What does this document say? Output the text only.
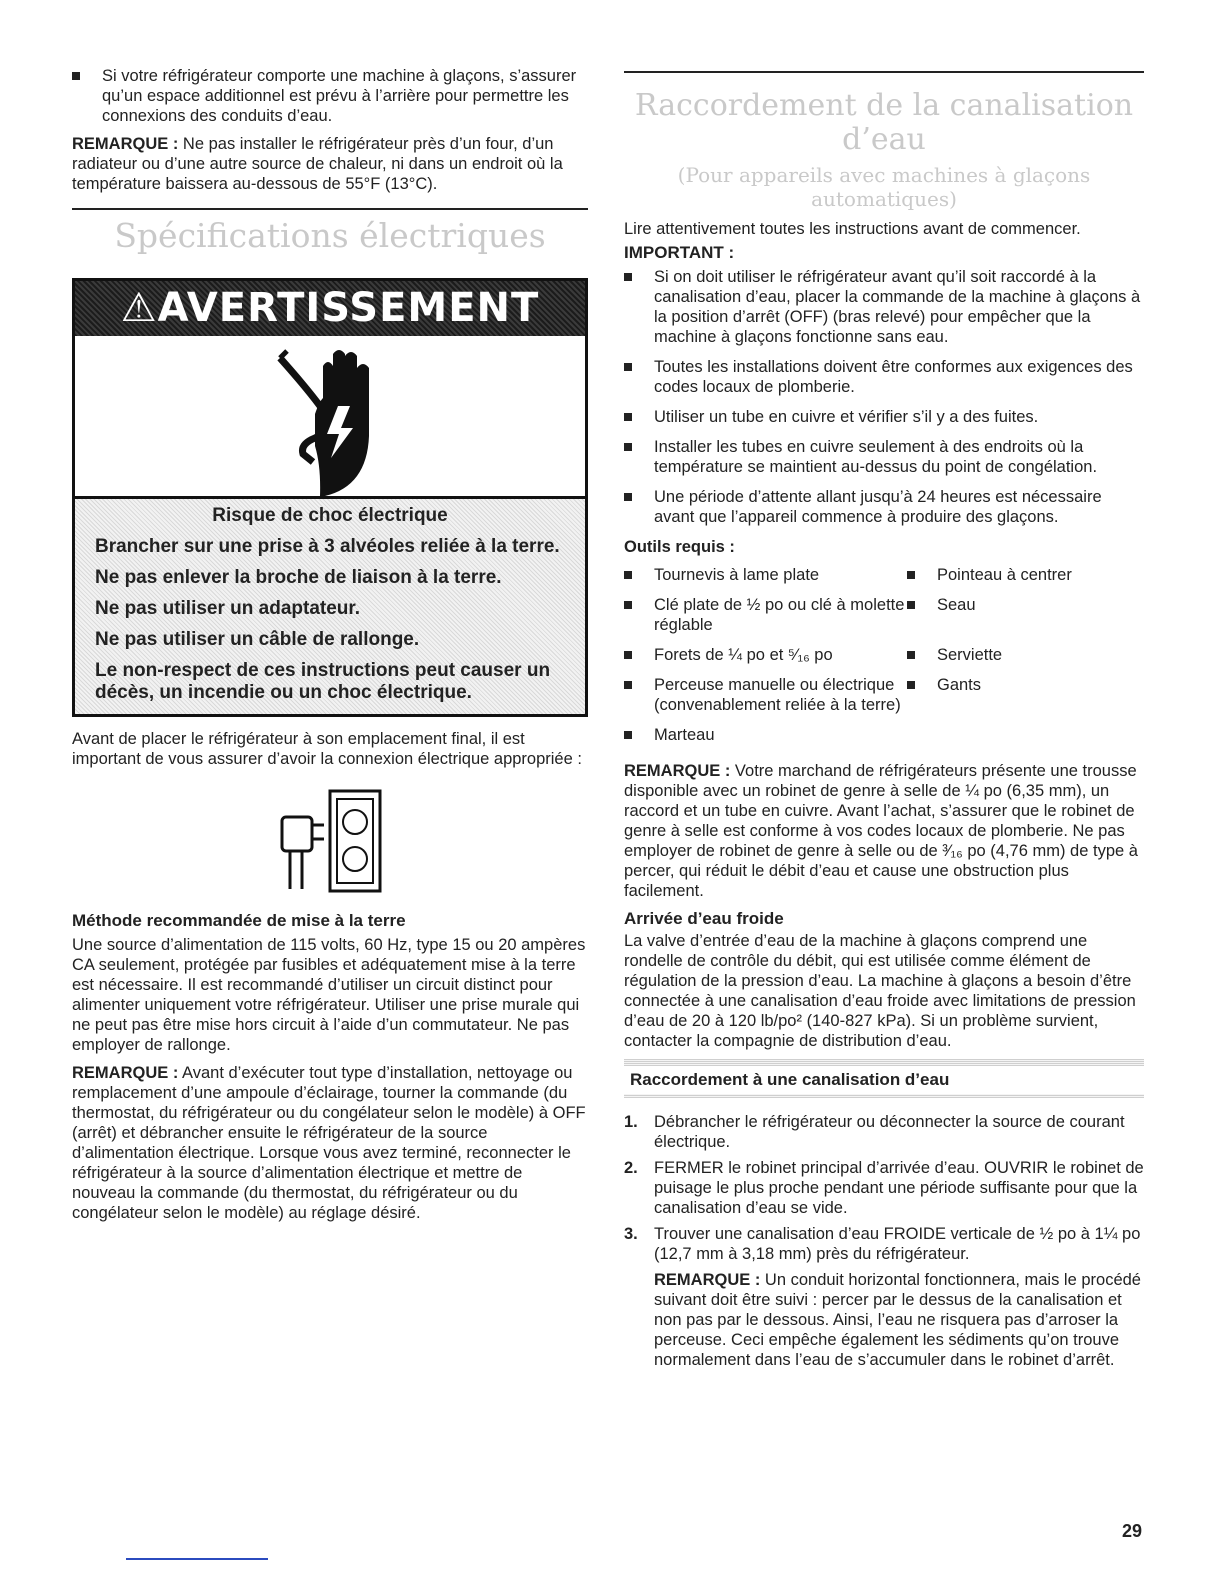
Si votre réfrigérateur comporte une machine à glaçons, s’assurer qu’un espace additionnel est prévu à l’arrière pour permettre les connexions des conduits d’eau.

REMARQUE : Ne pas installer le réfrigérateur près d’un four, d’un radiateur ou d’une autre source de chaleur, ni dans un endroit où la température baissera au-dessous de 55°F (13°C).

Spécifications électriques
⚠AVERTISSEMENT
Risque de choc électrique
Brancher sur une prise à 3 alvéoles reliée à la terre.
Ne pas enlever la broche de liaison à la terre.
Ne pas utiliser un adaptateur.
Ne pas utiliser un câble de rallonge.
Le non-respect de ces instructions peut causer un décès, un incendie ou un choc électrique.

Avant de placer le réfrigérateur à son emplacement final, il est important de vous assurer d’avoir la connexion électrique appropriée :

Méthode recommandée de mise à la terre

Une source d’alimentation de 115 volts, 60 Hz, type 15 ou 20 ampères CA seulement, protégée par fusibles et adéquatement mise à la terre est nécessaire. Il est recommandé d’utiliser un circuit distinct pour alimenter uniquement votre réfrigérateur. Utiliser une prise murale qui ne peut pas être mise hors circuit à l’aide d’un commutateur. Ne pas employer de rallonge.

REMARQUE : Avant d’exécuter tout type d’installation, nettoyage ou remplacement d’une ampoule d’éclairage, tourner la commande (du thermostat, du réfrigérateur ou du congélateur selon le modèle) à OFF (arrêt) et débrancher ensuite le réfrigérateur de la source d’alimentation électrique. Lorsque vous avez terminé, reconnecter le réfrigérateur à la source d’alimentation électrique et mettre de nouveau la commande (du thermostat, du réfrigérateur ou du congélateur selon le modèle) au réglage désiré.

Raccordement de la canalisation d’eau
(Pour appareils avec machines à glaçons automatiques)

Lire attentivement toutes les instructions avant de commencer.

IMPORTANT :
Si on doit utiliser le réfrigérateur avant qu’il soit raccordé à la canalisation d’eau, placer la commande de la machine à glaçons à la position d’arrêt (OFF) (bras relevé) pour empêcher que la machine à glaçons fonctionne sans eau.
Toutes les installations doivent être conformes aux exigences des codes locaux de plomberie.
Utiliser un tube en cuivre et vérifier s’il y a des fuites.
Installer les tubes en cuivre seulement à des endroits où la température se maintient au-dessus du point de congélation.
Une période d’attente allant jusqu’à 24 heures est nécessaire avant que l’appareil commence à produire des glaçons.
Outils requis :
Tournevis à lame plate
Clé plate de ½ po ou clé à molette réglable
Forets de ¼ po et ⁵⁄₁₆ po
Perceuse manuelle ou électrique (convenablement reliée à la terre)
Marteau
Pointeau à centrer
Seau
Serviette
Gants

REMARQUE : Votre marchand de réfrigérateurs présente une trousse disponible avec un robinet de genre à selle de ¼ po (6,35 mm), un raccord et un tube en cuivre. Avant l’achat, s’assurer que le robinet de genre à selle est conforme à vos codes locaux de plomberie. Ne pas employer de robinet de genre à selle ou de ³⁄₁₆ po (4,76 mm) de type à percer, qui réduit le débit d’eau et cause une obstruction plus facilement.

Arrivée d’eau froide

La valve d’entrée d’eau de la machine à glaçons comprend une rondelle de contrôle du débit, qui est utilisée comme élément de régulation de la pression d’eau. La machine à glaçons a besoin d’être connectée à une canalisation d’eau froide avec limitations de pression d’eau de 20 à 120 lb/po² (140-827 kPa). Si un problème survient, contacter la compagnie de distribution d’eau.

Raccordement à une canalisation d’eau
1. Débrancher le réfrigérateur ou déconnecter la source de courant électrique.
2. FERMER le robinet principal d’arrivée d’eau. OUVRIR le robinet de puisage le plus proche pendant une période suffisante pour que la canalisation d’eau se vide.
3. Trouver une canalisation d’eau FROIDE verticale de ½ po à 1¼ po (12,7 mm à 3,18 mm) près du réfrigérateur.

REMARQUE : Un conduit horizontal fonctionnera, mais le procédé suivant doit être suivi : percer par le dessus de la canalisation et non pas par le dessous. Ainsi, l’eau ne risquera pas d’arroser la perceuse. Ceci empêche également les sédiments qu’on trouve normalement dans l’eau de s’accumuler dans le robinet d’arrêt.

29
